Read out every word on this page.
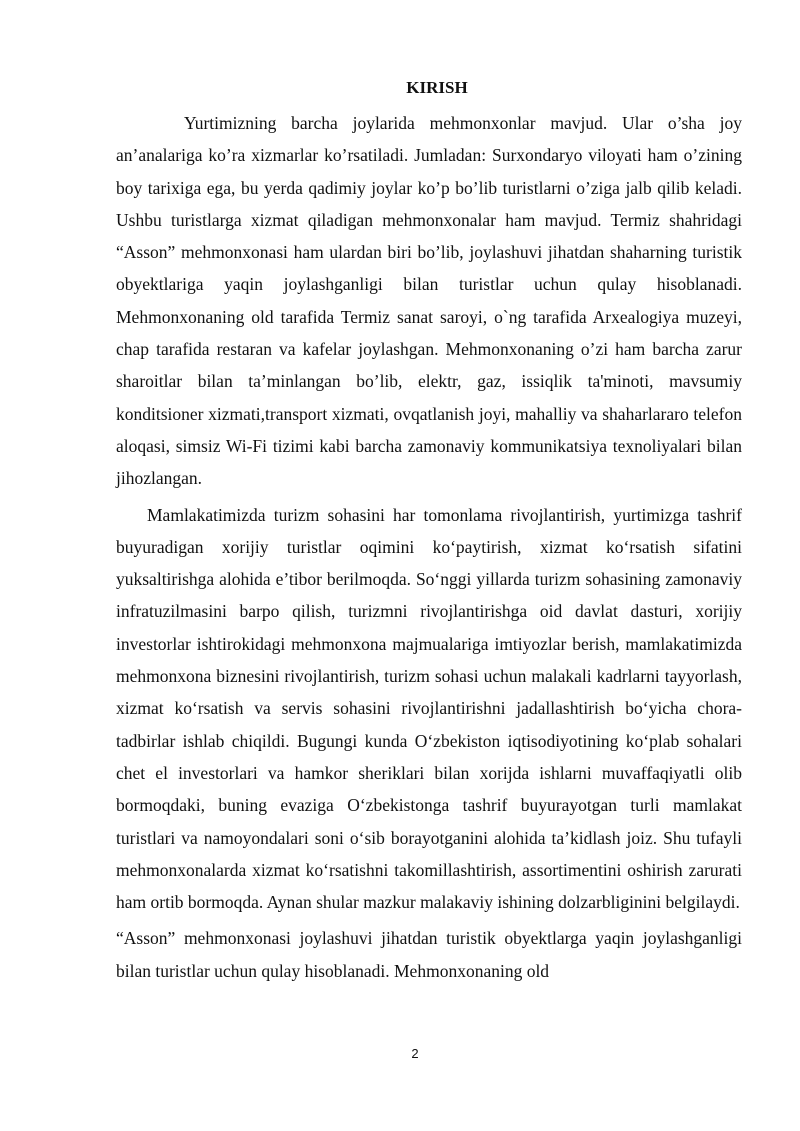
KIRISH

Yurtimizning barcha joylarida mehmonxonlar mavjud. Ular o’sha joy an’analariga ko’ra xizmarlar ko’rsatiladi. Jumladan: Surxondaryo viloyati ham o’zining boy tarixiga ega, bu yerda qadimiy joylar ko’p bo’lib turistlarni o’ziga jalb qilib keladi. Ushbu turistlarga xizmat qiladigan mehmonxonalar ham mavjud. Termiz shahridagi “Asson” mehmonxonasi ham ulardan biri bo’lib, joylashuvi jihatdan shaharning turistik obyektlariga yaqin joylashganligi bilan turistlar uchun qulay hisoblanadi. Mehmonxonaning old tarafida Termiz sanat saroyi, o`ng tarafida Arxealogiya muzeyi, chap tarafida restaran va kafelar joylashgan. Mehmonxonaning o’zi ham barcha zarur sharoitlar bilan ta’minlangan bo’lib, elektr, gaz, issiqlik ta'minoti, mavsumiy konditsioner xizmati,transport xizmati, ovqatlanish joyi, mahalliy va shaharlararo telefon aloqasi, simsiz Wi-Fi tizimi kabi barcha zamonaviy kommunikatsiya texnoliyalari bilan jihozlangan.

Mamlakatimizda turizm sohasini har tomonlama rivojlantirish, yurtimizga tashrif buyuradigan xorijiy turistlar oqimini ko‘paytirish, xizmat ko‘rsatish sifatini yuksaltirishga alohida e’tibor berilmoqda. So‘nggi yillarda turizm sohasining zamonaviy infratuzilmasini barpo qilish, turizmni rivojlantirishga oid davlat dasturi, xorijiy investorlar ishtirokidagi mehmonxona majmualariga imtiyozlar berish, mamlakatimizda mehmonxona biznesini rivojlantirish, turizm sohasi uchun malakali kadrlarni tayyorlash, xizmat ko‘rsatish va servis sohasini rivojlantirishni jadallashtirish bo‘yicha chora-tadbirlar ishlab chiqildi. Bugungi kunda O‘zbekiston iqtisodiyotining ko‘plab sohalari chet el investorlari va hamkor sheriklari bilan xorijda ishlarni muvaffaqiyatli olib bormoqdaki, buning evaziga O‘zbekistonga tashrif buyurayotgan turli mamlakat turistlari va namoyondalari soni o‘sib borayotganini alohida ta’kidlash joiz. Shu tufayli mehmonxonalarda xizmat ko‘rsatishni takomillashtirish, assortimentini oshirish zarurati ham ortib bormoqda. Aynan shular mazkur malakaviy ishining dolzarbliginini belgilaydi.

“Asson” mehmonxonasi joylashuvi jihatdan turistik obyektlarga yaqin joylashganligi bilan turistlar uchun qulay hisoblanadi. Mehmonxonaning old

2
